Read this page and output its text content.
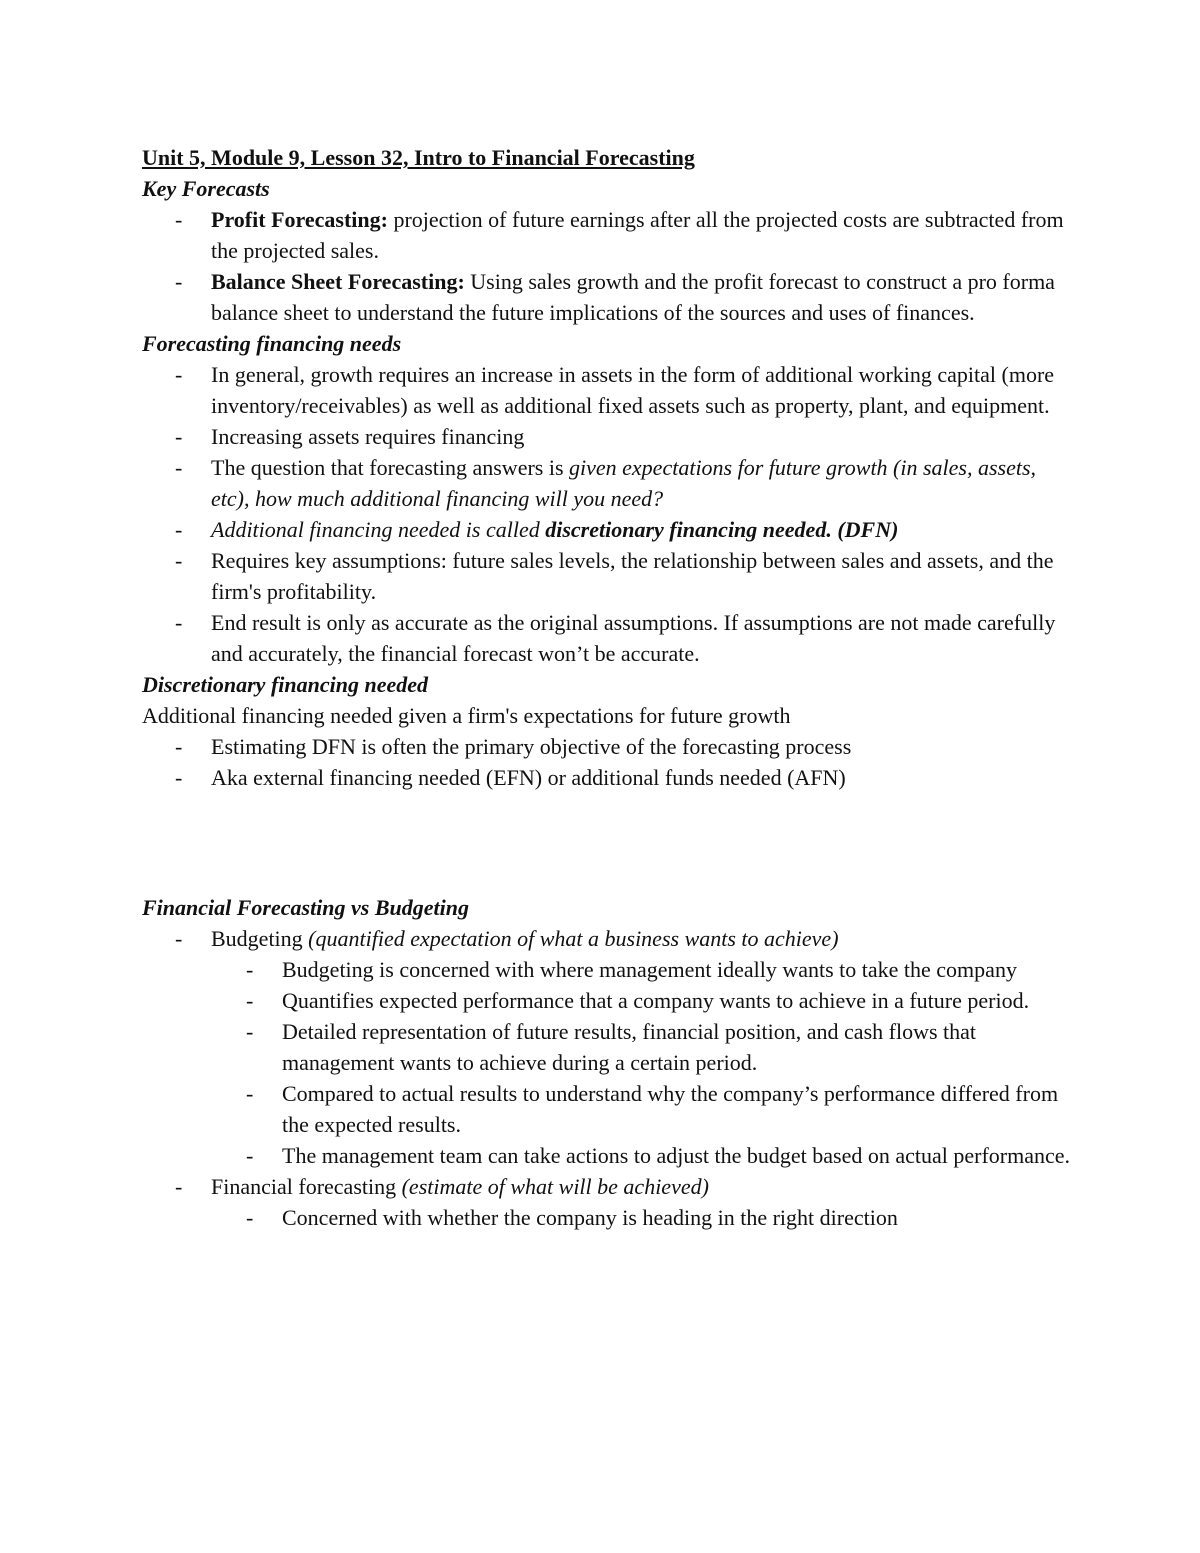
Unit 5, Module 9, Lesson 32, Intro to Financial Forecasting

Key Forecasts

- Profit Forecasting: projection of future earnings after all the projected costs are subtracted from the projected sales.
- Balance Sheet Forecasting: Using sales growth and the profit forecast to construct a pro forma balance sheet to understand the future implications of the sources and uses of finances.

Forecasting financing needs

- In general, growth requires an increase in assets in the form of additional working capital (more inventory/receivables) as well as additional fixed assets such as property, plant, and equipment.
- Increasing assets requires financing
- The question that forecasting answers is given expectations for future growth (in sales, assets, etc), how much additional financing will you need?
- Additional financing needed is called discretionary financing needed. (DFN)
- Requires key assumptions: future sales levels, the relationship between sales and assets, and the firm's profitability.
- End result is only as accurate as the original assumptions. If assumptions are not made carefully and accurately, the financial forecast won’t be accurate.

Discretionary financing needed

Additional financing needed given a firm's expectations for future growth

- Estimating DFN is often the primary objective of the forecasting process
- Aka external financing needed (EFN) or additional funds needed (AFN)

Financial Forecasting vs Budgeting

- Budgeting (quantified expectation of what a business wants to achieve)
- Budgeting is concerned with where management ideally wants to take the company
- Quantifies expected performance that a company wants to achieve in a future period.
- Detailed representation of future results, financial position, and cash flows that management wants to achieve during a certain period.
- Compared to actual results to understand why the company’s performance differed from the expected results.
- The management team can take actions to adjust the budget based on actual performance.
- Financial forecasting (estimate of what will be achieved)
- Concerned with whether the company is heading in the right direction
